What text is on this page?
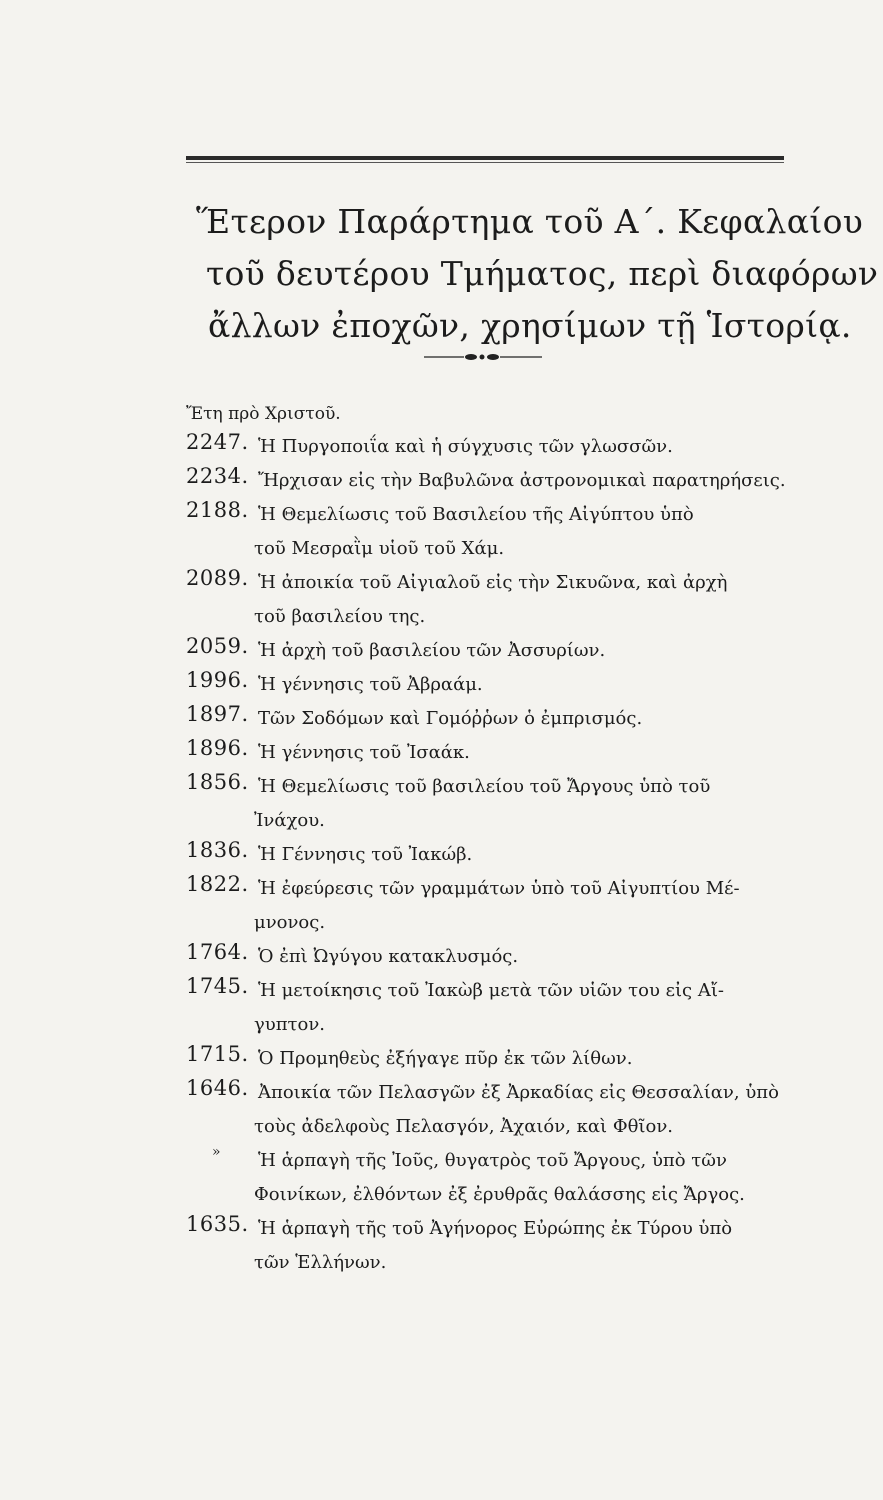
Ἕτερον Παράρτημα τοῦ Α΄. Κεφαλαίου
τοῦ δευτέρου Τμήματος, περὶ διαφόρων
ἄλλων ἐποχῶν, χρησίμων τῇ Ἱστορίᾳ.
Ἔτη πρὸ Χριστοῦ.
2247. Ἡ Πυργοποιΐα καὶ ἡ σύγχυσις τῶν γλωσσῶν.
2234. Ἤρχισαν εἰς τὴν Βαβυλῶνα ἀστρονομικαὶ παρατηρήσεις.
2188. Ἡ Θεμελίωσις τοῦ Βασιλείου τῆς Αἰγύπτου ὑπὸ
τοῦ Μεσραῒμ υἱοῦ τοῦ Χάμ.
2089. Ἡ ἀποικία τοῦ Αἰγιαλοῦ εἰς τὴν Σικυῶνα, καὶ ἀρχὴ
τοῦ βασιλείου της.
2059. Ἡ ἀρχὴ τοῦ βασιλείου τῶν Ἀσσυρίων.
1996. Ἡ γέννησις τοῦ Ἀβραάμ.
1897. Τῶν Σοδόμων καὶ Γομόῤῥων ὁ ἐμπρισμός.
1896. Ἡ γέννησις τοῦ Ἰσαάκ.
1856. Ἡ Θεμελίωσις τοῦ βασιλείου τοῦ Ἄργους ὑπὸ τοῦ
Ἰνάχου.
1836. Ἡ Γέννησις τοῦ Ἰακώβ.
1822. Ἡ ἐφεύρεσις τῶν γραμμάτων ὑπὸ τοῦ Αἰγυπτίου Μέ-
μνονος.
1764. Ὁ ἐπὶ Ὠγύγου κατακλυσμός.
1745. Ἡ μετοίκησις τοῦ Ἰακὼβ μετὰ τῶν υἱῶν του εἰς Αἴ-
γυπτον.
1715. Ὁ Προμηθεὺς ἐξήγαγε πῦρ ἐκ τῶν λίθων.
1646. Ἀποικία τῶν Πελασγῶν ἐξ Ἀρκαδίας εἰς Θεσσαλίαν, ὑπὸ
τοὺς ἀδελφοὺς Πελασγόν, Ἀχαιόν, καὶ Φθῖον.
»	Ἡ ἁρπαγὴ τῆς Ἰοῦς, θυγατρὸς τοῦ Ἄργους, ὑπὸ τῶν
Φοινίκων, ἐλθόντων ἐξ ἐρυθρᾶς θαλάσσης εἰς Ἄργος.
1635. Ἡ ἁρπαγὴ τῆς τοῦ Ἀγήνορος Εὐρώπης ἐκ Τύρου ὑπὸ
τῶν Ἑλλήνων.
